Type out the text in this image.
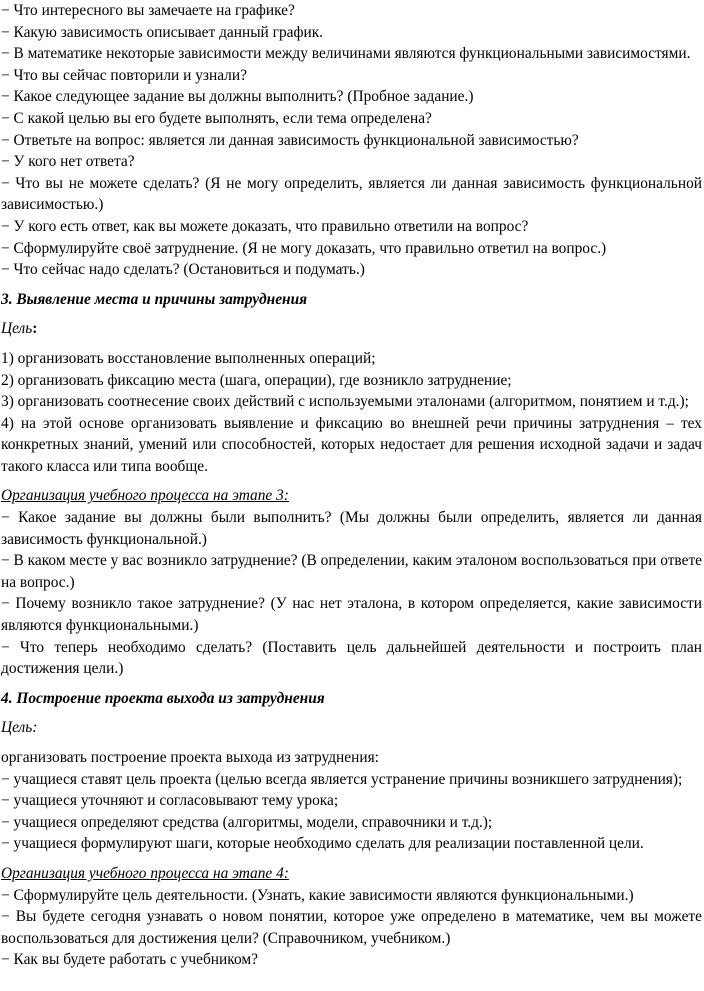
− Что интересного вы замечаете на графике?

− Какую зависимость описывает данный график.

− В математике некоторые зависимости между величинами являются функциональными зависимостями.

− Что вы сейчас повторили и узнали?

− Какое следующее задание вы должны выполнить? (Пробное задание.)

− С какой целью вы его будете выполнять, если тема определена?

− Ответьте на вопрос: является ли данная зависимость функциональной зависимостью?

− У кого нет ответа?

− Что вы не можете сделать? (Я не могу определить, является ли данная зависимость функциональной зависимостью.)

− У кого есть ответ, как вы можете доказать, что правильно ответили на вопрос?

− Сформулируйте своё затруднение. (Я не могу доказать, что правильно ответил на вопрос.)

− Что сейчас надо сделать? (Остановиться и подумать.)

3. Выявление места и причины затруднения

Цель:

1) организовать восстановление выполненных операций;

2) организовать фиксацию места (шага, операции), где возникло затруднение;

3) организовать соотнесение своих действий с используемыми эталонами (алгоритмом, понятием и т.д.);

4) на этой основе организовать выявление и фиксацию во внешней речи причины затруднения – тех конкретных знаний, умений или способностей, которых недостает для решения исходной задачи и задач такого класса или типа вообще.

Организация учебного процесса на этапе 3:

− Какое задание вы должны были выполнить? (Мы должны были определить, является ли данная зависимость функциональной.)

− В каком месте у вас возникло затруднение? (В определении, каким эталоном воспользоваться при ответе на вопрос.)

− Почему возникло такое затруднение? (У нас нет эталона, в котором определяется, какие зависимости являются функциональными.)

− Что теперь необходимо сделать? (Поставить цель дальнейшей деятельности и построить план достижения цели.)

4. Построение проекта выхода из затруднения

Цель:

организовать построение проекта выхода из затруднения:

− учащиеся ставят цель проекта (целью всегда является устранение причины возникшего затруднения);

− учащиеся уточняют и согласовывают тему урока;

− учащиеся определяют средства (алгоритмы, модели, справочники и т.д.);

− учащиеся формулируют шаги, которые необходимо сделать для реализации поставленной цели.

Организация учебного процесса на этапе 4:

− Сформулируйте цель деятельности. (Узнать, какие зависимости являются функциональными.)

− Вы будете сегодня узнавать о новом понятии, которое уже определено в математике, чем вы можете воспользоваться для достижения цели? (Справочником, учебником.)

− Как вы будете работать с учебником?
